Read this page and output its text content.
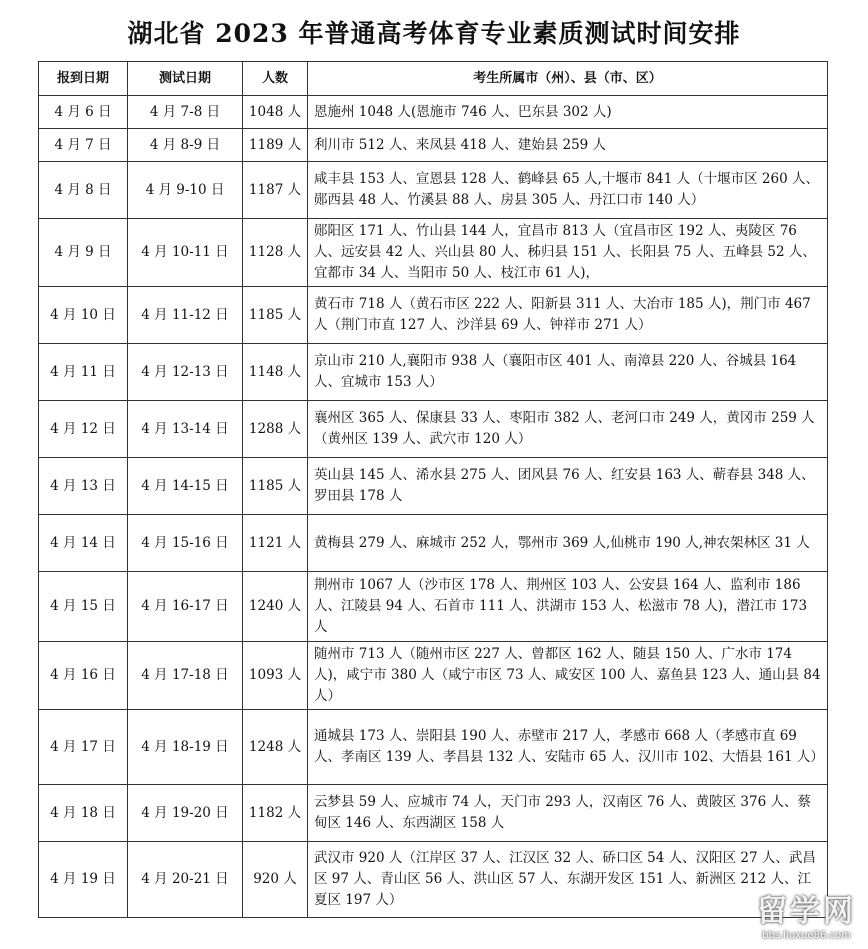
湖北省 2023 年普通高考体育专业素质测试时间安排
报到日期	测试日期	人数	考生所属市（州）、县（市、区）
4 月 6 日	4 月 7-8 日	1048 人	恩施州 1048 人(恩施市 746 人、巴东县 302 人)
4 月 7 日	4 月 8-9 日	1189 人	利川市 512 人、来凤县 418 人、建始县 259 人
4 月 8 日	4 月 9-10 日	1187 人	咸丰县 153 人、宣恩县 128 人、鹤峰县 65 人,十堰市 841 人（十堰市区 260 人、郧西县 48 人、竹溪县 88 人、房县 305 人、丹江口市 140 人）
4 月 9 日	4 月 10-11 日	1128 人	郧阳区 171 人、竹山县 144 人，宜昌市 813 人（宜昌市区 192 人、夷陵区 76 人、远安县 42 人、兴山县 80 人、秭归县 151 人、长阳县 75 人、五峰县 52 人、宜都市 34 人、当阳市 50 人、枝江市 61 人)，
4 月 10 日	4 月 11-12 日	1185 人	黄石市 718 人（黄石市区 222 人、阳新县 311 人、大冶市 185 人)，荆门市 467 人（荆门市直 127 人、沙洋县 69 人、钟祥市 271 人）
4 月 11 日	4 月 12-13 日	1148 人	京山市 210 人,襄阳市 938 人（襄阳市区 401 人、南漳县 220 人、谷城县 164 人、宜城市 153 人）
4 月 12 日	4 月 13-14 日	1288 人	襄州区 365 人、保康县 33 人、枣阳市 382 人、老河口市 249 人，黄冈市 259 人（黄州区 139 人、武穴市 120 人）
4 月 13 日	4 月 14-15 日	1185 人	英山县 145 人、浠水县 275 人、团风县 76 人、红安县 163 人、蕲春县 348 人、罗田县 178 人
4 月 14 日	4 月 15-16 日	1121 人	黄梅县 279 人、麻城市 252 人，鄂州市 369 人,仙桃市 190 人,神农架林区 31 人
4 月 15 日	4 月 16-17 日	1240 人	荆州市 1067 人（沙市区 178 人、荆州区 103 人、公安县 164 人、监利市 186 人、江陵县 94 人、石首市 111 人、洪湖市 153 人、松滋市 78 人)，潜江市 173 人
4 月 16 日	4 月 17-18 日	1093 人	随州市 713 人（随州市区 227 人、曾都区 162 人、随县 150 人、广水市 174 人)，咸宁市 380 人（咸宁市区 73 人、咸安区 100 人、嘉鱼县 123 人、通山县 84 人）
4 月 17 日	4 月 18-19 日	1248 人	通城县 173 人、崇阳县 190 人、赤壁市 217 人，孝感市 668 人（孝感市直 69 人、孝南区 139 人、孝昌县 132 人、安陆市 65 人、汉川市 102、大悟县 161 人）
4 月 18 日	4 月 19-20 日	1182 人	云梦县 59 人、应城市 74 人，天门市 293 人，汉南区 76 人、黄陂区 376 人、蔡甸区 146 人、东西湖区 158 人
4 月 19 日	4 月 20-21 日	920 人	武汉市 920 人（江岸区 37 人、江汉区 32 人、硚口区 54 人、汉阳区 27 人、武昌区 97 人、青山区 56 人、洪山区 57 人、东湖开发区 151 人、新洲区 212 人、江夏区 197 人）	留学网
bbs.liuxue86.com
